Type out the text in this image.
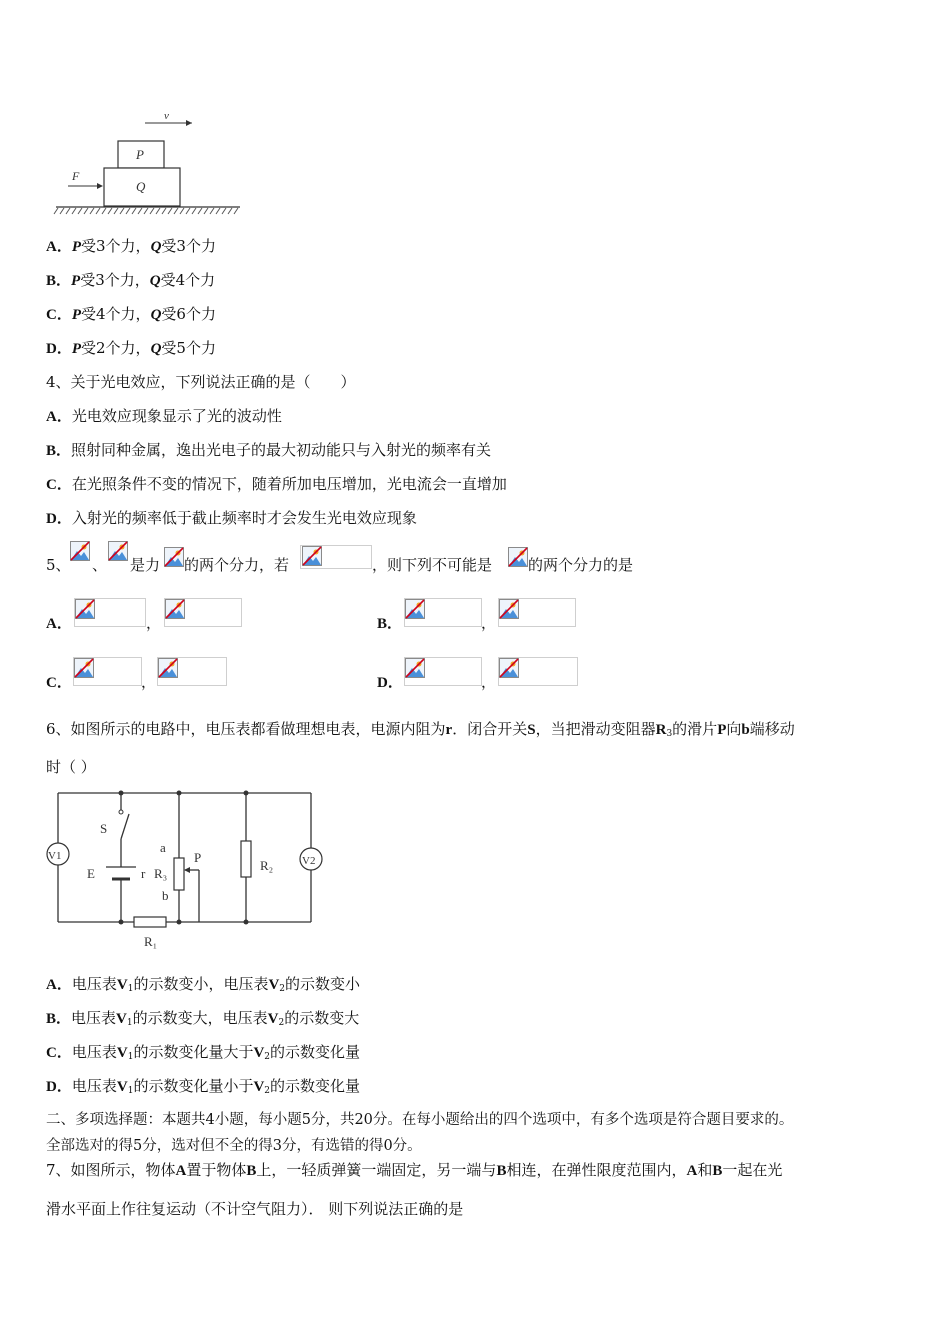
v
P
Q
F
A．P受3个力，Q受3个力
B．P受3个力，Q受4个力
C．P受4个力，Q受6个力
D．P受2个力，Q受5个力
4、关于光电效应，下列说法正确的是（　　）
A．光电效应现象显示了光的波动性
B．照射同种金属，逸出光电子的最大初动能只与入射光的频率有关
C．在光照条件不变的情况下，随着所加电压增加，光电流会一直增加
D．入射光的频率低于截止频率时才会发生光电效应现象
5、 、 是力 的两个分力，若	，则下列不可能是 的两个分力的是
A．	，	B．	，
C．	，	D．	，
6、如图所示的电路中，电压表都看做理想电表，电源内阻为r．闭合开关S，当把滑动变阻器$R_3$的滑片P向b端移动
时（ ）
V1	V2
S
E	r
a
R₃
b
P
R₂
R₁
A．电压表$V_1$的示数变小，电压表$V_2$的示数变小
B．电压表$V_1$的示数变大，电压表$V_2$的示数变大
C．电压表$V_1$的示数变化量大于$V_2$的示数变化量
D．电压表$V_1$的示数变化量小于$V_2$的示数变化量
二、多项选择题：本题共4小题，每小题5分，共20分。在每小题给出的四个选项中，有多个选项是符合题目要求的。
全部选对的得5分，选对但不全的得3分，有选错的得0分。
7、如图所示，物体A置于物体B上，一轻质弹簧一端固定，另一端与B相连，在弹性限度范围内，A和B一起在光
滑水平面上作往复运动（不计空气阻力）． 则下列说法正确的是
